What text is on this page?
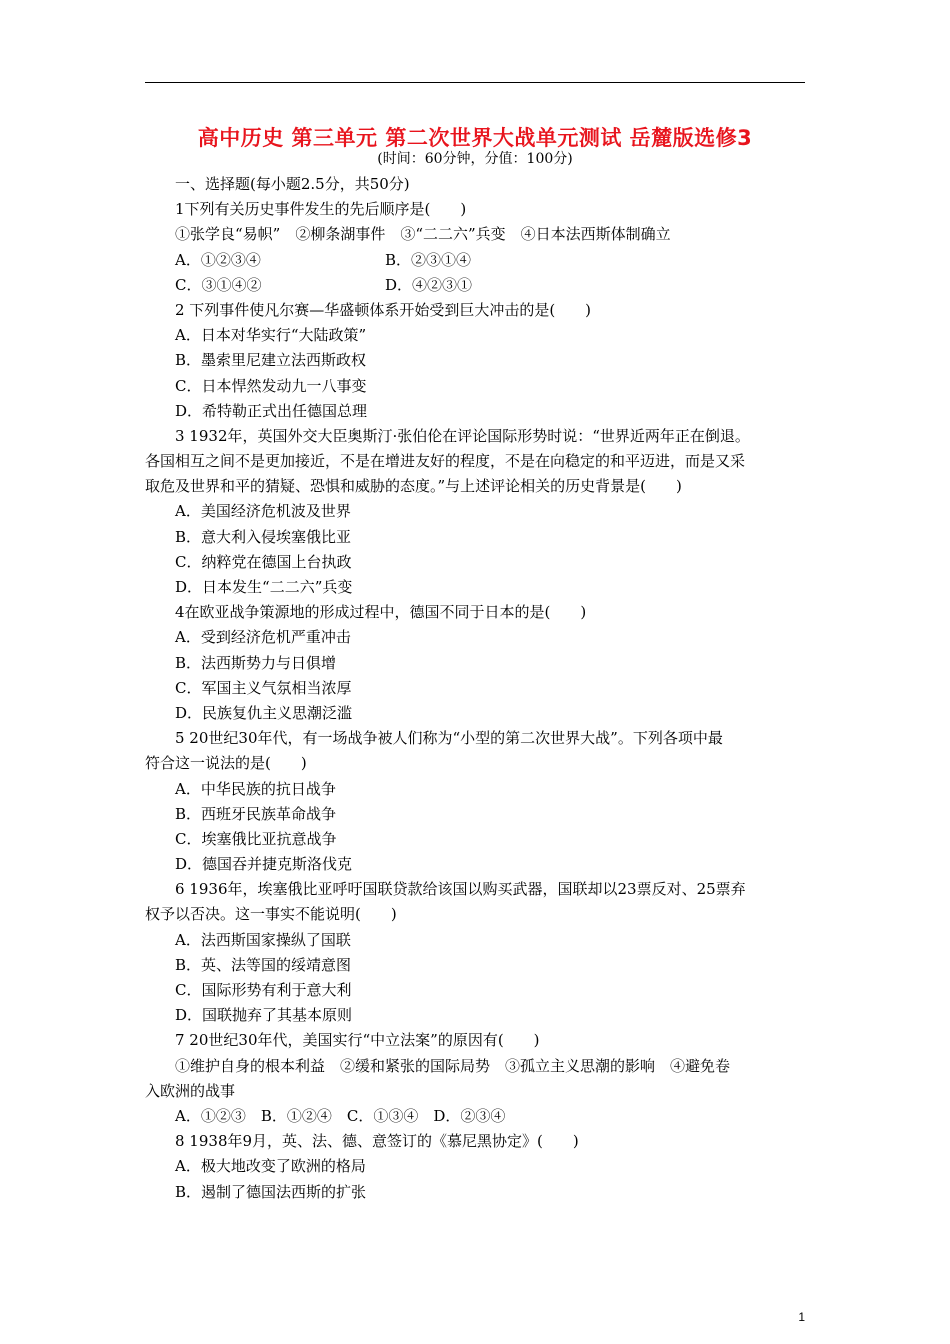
高中历史 第三单元 第二次世界大战单元测试 岳麓版选修3
(时间：60分钟，分值：100分)
一、选择题(每小题2.5分，共50分)
1下列有关历史事件发生的先后顺序是(　　)
①张学良“易帜”　②柳条湖事件　③“二二六”兵变　④日本法西斯体制确立
A．①②③④	B．②③①④
C．③①④②	D．④②③①
2 下列事件使凡尔赛—华盛顿体系开始受到巨大冲击的是(　　)
A．日本对华实行“大陆政策”
B．墨索里尼建立法西斯政权
C．日本悍然发动九一八事变
D．希特勒正式出任德国总理
3 1932年，英国外交大臣奥斯汀·张伯伦在评论国际形势时说：“世界近两年正在倒退。
各国相互之间不是更加接近，不是在增进友好的程度，不是在向稳定的和平迈进，而是又采
取危及世界和平的猜疑、恐惧和威胁的态度。”与上述评论相关的历史背景是(　　)
A．美国经济危机波及世界
B．意大利入侵埃塞俄比亚
C．纳粹党在德国上台执政
D．日本发生“二二六”兵变
4在欧亚战争策源地的形成过程中，德国不同于日本的是(　　)
A．受到经济危机严重冲击
B．法西斯势力与日俱增
C．军国主义气氛相当浓厚
D．民族复仇主义思潮泛滥
5 20世纪30年代，有一场战争被人们称为“小型的第二次世界大战”。下列各项中最
符合这一说法的是(　　)
A．中华民族的抗日战争
B．西班牙民族革命战争
C．埃塞俄比亚抗意战争
D．德国吞并捷克斯洛伐克
6 1936年，埃塞俄比亚呼吁国联贷款给该国以购买武器，国联却以23票反对、25票弃
权予以否决。这一事实不能说明(　　)
A．法西斯国家操纵了国联
B．英、法等国的绥靖意图
C．国际形势有利于意大利
D．国联抛弃了其基本原则
7 20世纪30年代，美国实行“中立法案”的原因有(　　)
①维护自身的根本利益　②缓和紧张的国际局势　③孤立主义思潮的影响　④避免卷
入欧洲的战事
A．①②③　B．①②④　C．①③④　D．②③④
8 1938年9月，英、法、德、意签订的《慕尼黑协定》(　　)
A．极大地改变了欧洲的格局
B．遏制了德国法西斯的扩张
1
